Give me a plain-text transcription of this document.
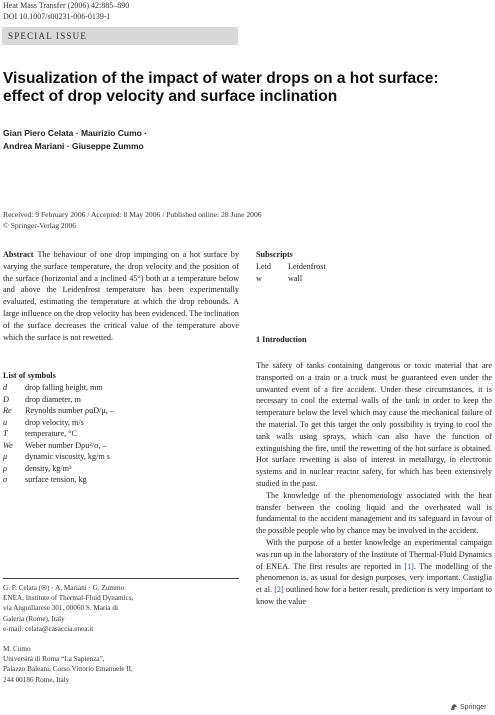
Heat Mass Transfer (2006) 42:885–890
DOI 10.1007/s00231-006-0139-1
SPECIAL ISSUE
Visualization of the impact of water drops on a hot surface:
effect of drop velocity and surface inclination
Gian Piero Celata · Maurizio Cumo ·
Andrea Mariani · Giuseppe Zummo
Received: 9 February 2006 / Accepted: 8 May 2006 / Published online: 28 June 2006
© Springer-Verlag 2006

Abstract The behaviour of one drop impinging on a hot surface by varying the surface temperature, the drop velocity and the position of the surface (horizontal and a inclined 45°) both at a temperature below and above the Leidenfrost temperature has been experimentally evaluated, estimating the temperature at which the drop rebounds. A large influence on the drop velocity has been evidenced. The inclination of the surface decreases the critical value of the temperature above which the surface is not rewetted.

List of symbols
d	drop falling height, mm
D	drop diameter, m
Re	Reynolds number ρuD/μ, –
u	drop velocity, m/s
T	temperature, °C
We	Weber number Dρu²/σ, –
μ	dynamic viscosity, kg/m s
ρ	density, kg/m³
σ	surface tension, kg
G. P. Celata (✉) · A. Mariani · G. Zummo
ENEA, Institute of Thermal-Fluid Dynamics,
via Anguillarese 301, 00060 S. Maria di
Galeria (Rome), Italy
e-mail: celata@casaccia.enea.it
M. Cumo
Università di Roma “La Sapienza”,
Palazzo Baleani, Corso Vittorio Emanuele II,
244 00186 Rome, Italy
Subscripts
Leid	Leidenfrost
w	wall
1 Introduction

The safety of tanks containing dangerous or toxic material that are transported on a train or a truck must be guaranteed even under the unwanted event of a fire accident. Under these circumstances, it is necessary to cool the external walls of the tank in order to keep the temperature below the level which may cause the mechanical failure of the material. To get this target the only possibility is trying to cool the tank walls using sprays, which can also have the function of extinguishing the fire, until the rewetting of the hot surface is obtained. Hot surface rewetting is also of interest in metallurgy, in electronic systems and in nuclear reactor safety, for which has been extensively studied in the past.

The knowledge of the phenomenology associated with the heat transfer between the cooling liquid and the overheated wall is fundamental to the accident management and its safeguard in favour of the possible people who by chance may be involved in the accident.

With the purpose of a better knowledge an experimental campaign was run up in the laboratory of the Institute of Thermal-Fluid Dynamics of ENEA. The first results are reported in [1]. The modelling of the phenomenon is, as usual for design purposes, very important. Castiglia et al. [2] outlined how for a better result, prediction is very important to know the value

Springer
